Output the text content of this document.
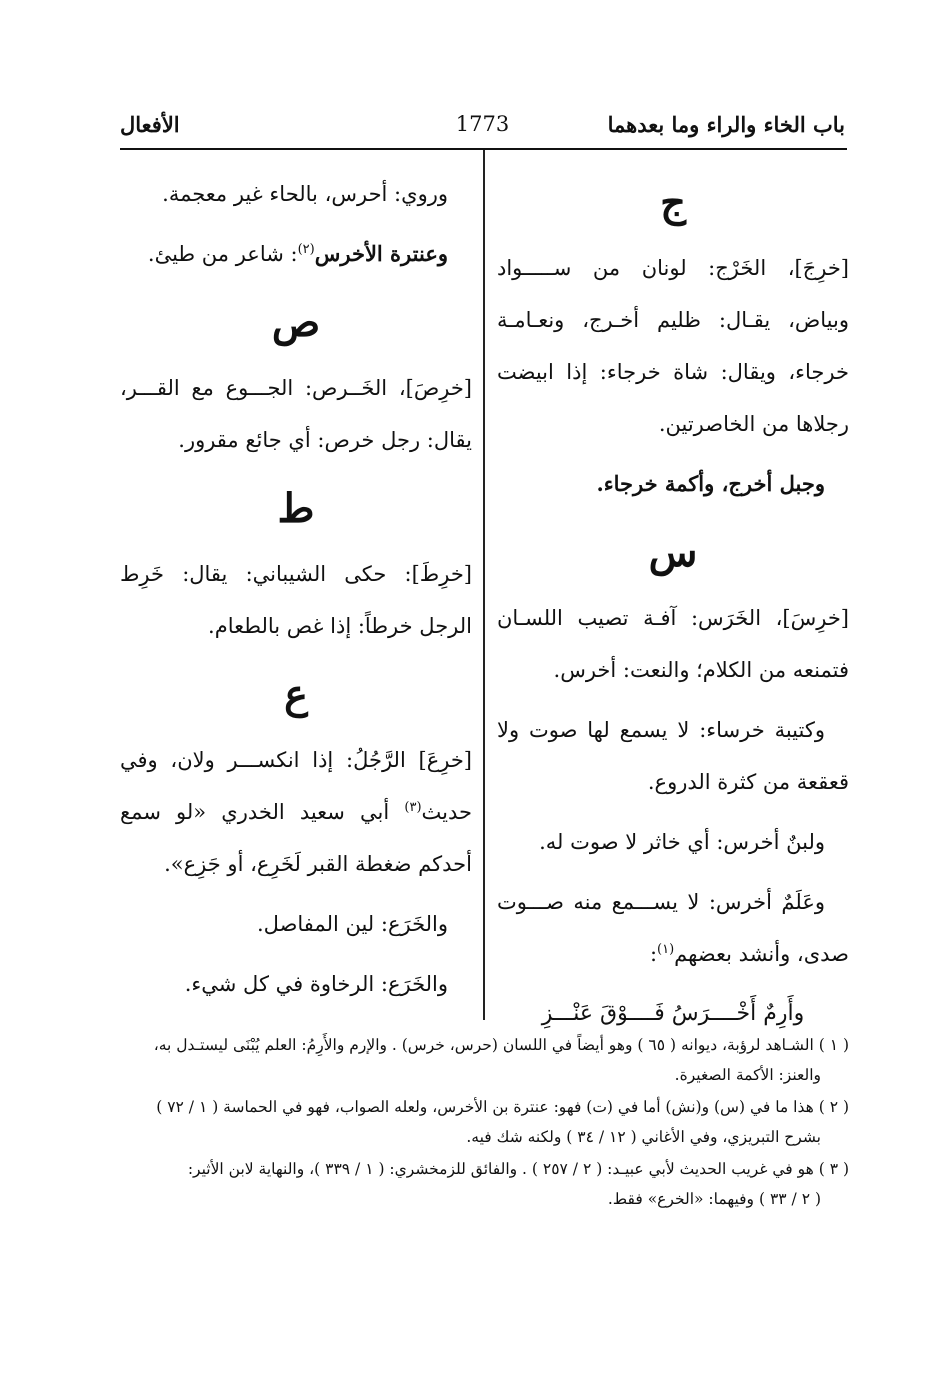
باب الخاء والراء وما بعدهما
1773
الأفعال
ج

[خرِجَ]، الخَرْج: لونان من ســـــواد وبياض، يقـال: ظليم أخـرج، ونعـامـة خرجاء، ويقال: شاة خرجاء: إذا ابيضت رجلاها من الخاصرتين.

وجبل أخرج، وأكمة خرجاء.

س

[خرِسَ]، الخَرَس: آفـة تصيب اللسـان فتمنعه من الكلام؛ والنعت: أخرس.

وكتيبة خرساء: لا يسمع لها صوت ولا قعقعة من كثرة الدروع.

ولبنٌ أخرس: أي خاثر لا صوت له.

وعَلَمٌ أخرس: لا يســـمع منه صـــوت صدى، وأنشد بعضهم$^{(١)}$:

وأَرِمٌ أَخْــــرَسُ فَــــوْقَ عَنْـــزِ

وروي: أحرس، بالحاء غير معجمة.

وعنترة الأخرس$^{(٢)}$: شاعر من طيئ.

ص

[خرِصَ]، الخَــرص: الجـــوع مع القـــر، يقال: رجل خرص: أي جائع مقرور.

ط

[خرِطَ]: حكى الشيباني: يقال: خَرِط الرجل خرطاً: إذا غص بالطعام.

ع

[خرِعَ] الرَّجُلُ: إذا انكســـر ولان، وفي حديث$^{(٣)}$ أبي سعيد الخدري «لو سمع أحدكم ضغطة القبر لَخَرِع، أو جَزِع».

والخَرَع: لين المفاصل.

والخَرَع: الرخاوة في كل شيء.

( ١ ) الشـاهد لرؤبة، ديوانه ( ٦٥ ) وهو أيضاً في اللسان (حرس، خرس) . والإرم والأَرِمُ: العلم يُبْنَى ليستـدل به،
والعنز: الأكمة الصغيرة.
( ٢ ) هذا ما في (س) و(نش) أما في (ت) فهو: عنترة بن الأخرس، ولعله الصواب، فهو في الحماسة ( ١ / ٧٢ )
بشرح التبريزي، وفي الأغاني ( ١٢ / ٣٤ ) ولكنه شك فيه.
( ٣ ) هو في غريب الحديث لأبي عبيـد: ( ٢ / ٢٥٧ ) . والفائق للزمخشري: ( ١ / ٣٣٩ )، والنهاية لابن الأثير:
( ٢ / ٣٣ ) وفيهما: «الخرع» فقط.
